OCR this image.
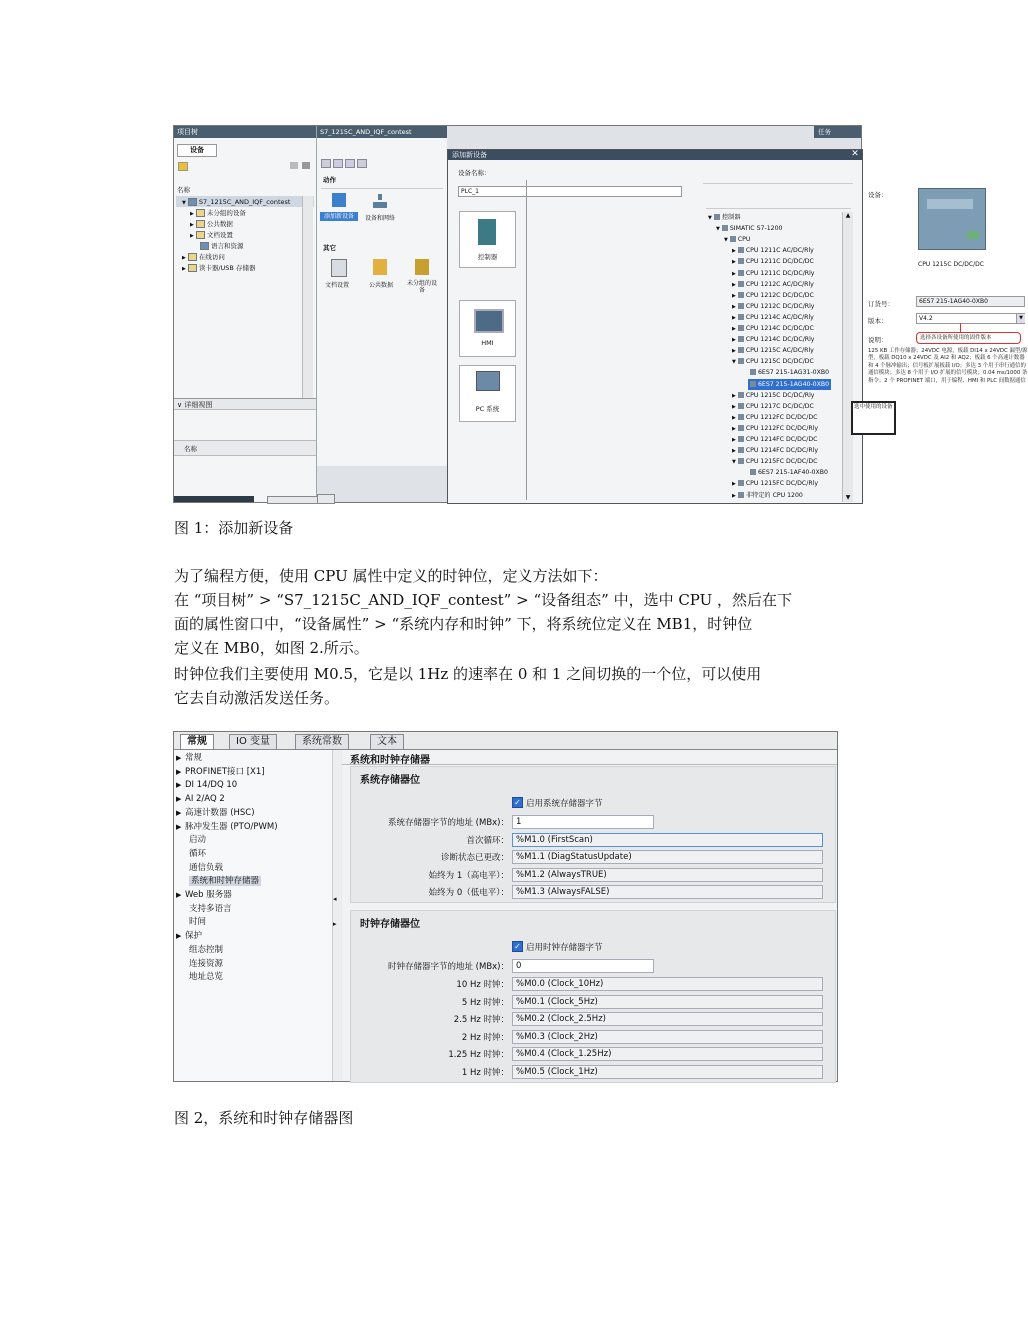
项目树
设备
名称
▼ S7_1215C_AND_IQF_contest
▶ 未分组的设备
▶ 公共数据
▶ 文档设置
语言和资源
▶ 在线访问
▶ 读卡器/USB 存储器
∨ 详细视图
名称
S7_1215C_AND_IQF_contest
动作
添加新设备	设备和网络
其它
文档设置	公共数据 未分组的设备
任务
添加新设备	✕
设备名称：
PLC_1
控制器
HMI
PC 系统
▼ 控制器
▼ SIMATIC S7-1200
▼ CPU
▶ CPU 1211C AC/DC/Rly
▶ CPU 1211C DC/DC/DC
▶ CPU 1211C DC/DC/Rly
▶ CPU 1212C AC/DC/Rly
▶ CPU 1212C DC/DC/DC
▶ CPU 1212C DC/DC/Rly
▶ CPU 1214C AC/DC/Rly
▶ CPU 1214C DC/DC/DC
▶ CPU 1214C DC/DC/Rly
▶ CPU 1215C AC/DC/Rly
▼ CPU 1215C DC/DC/DC
6ES7 215-1AG31-0XB0
6ES7 215-1AG40-0XB0
▶ CPU 1215C DC/DC/Rly
▶ CPU 1217C DC/DC/DC
▶ CPU 1212FC DC/DC/DC
▶ CPU 1212FC DC/DC/Rly
▶ CPU 1214FC DC/DC/DC
▶ CPU 1214FC DC/DC/Rly
▼ CPU 1215FC DC/DC/DC
6ES7 215-1AF40-0XB0
▶ CPU 1215FC DC/DC/Rly
▶ 非特定的 CPU 1200
▲
▼
选中使用的设备
设备：
CPU 1215C DC/DC/DC
订货号：	6ES7 215-1AG40-0XB0
版本：	V4.2	▼
说明：	选择各设备所使用的固件版本
125 KB 工作存储器；24VDC 电源，板载 DI14 x 24VDC 漏型/源型，板载 DQ10 x 24VDC 及 AI2 和 AQ2；板载 6 个高速计数器和 4 个脉冲输出；信号板扩展板载 I/O；多达 3 个用于串行通信的通信模块；多达 8 个用于 I/O 扩展的信号模块；0.04 ms/1000 条指令；2 个 PROFINET 端口，用于编程、HMI 和 PLC 间数据通信
图 1：添加新设备
为了编程方便，使用 CPU 属性中定义的时钟位，定义方法如下：
在 “项目树” > “S7_1215C_AND_IQF_contest” > “设备组态” 中，选中 CPU ，然后在下
面的属性窗口中，“设备属性” > “系统内存和时钟” 下，将系统位定义在 MB1，时钟位
定义在 MB0，如图 2.所示。
时钟位我们主要使用 M0.5，它是以 1Hz 的速率在 0 和 1 之间切换的一个位，可以使用
它去自动激活发送任务。
常规	IO 变量	系统常数	文本
▶ 常规
▶ PROFINET接口 [X1]
▶ DI 14/DQ 10
▶ AI 2/AQ 2
▶ 高速计数器 (HSC)
▶ 脉冲发生器 (PTO/PWM)
启动
循环
通信负载
系统和时钟存储器
▶ Web 服务器
支持多语言
时间
▶ 保护
组态控制
连接资源
地址总览
◂
▸
系统和时钟存储器
系统存储器位
✓ 启用系统存储器字节
系统存储器字节的地址 (MBx)： 1
首次循环： %M1.0 (FirstScan)
诊断状态已更改： %M1.1 (DiagStatusUpdate)
始终为 1（高电平）： %M1.2 (AlwaysTRUE)
始终为 0（低电平）： %M1.3 (AlwaysFALSE)
时钟存储器位
✓ 启用时钟存储器字节
时钟存储器字节的地址 (MBx)： 0
10 Hz 时钟： %M0.0 (Clock_10Hz)
5 Hz 时钟： %M0.1 (Clock_5Hz)
2.5 Hz 时钟： %M0.2 (Clock_2.5Hz)
2 Hz 时钟： %M0.3 (Clock_2Hz)
1.25 Hz 时钟： %M0.4 (Clock_1.25Hz)
1 Hz 时钟： %M0.5 (Clock_1Hz)
图 2，系统和时钟存储器图
